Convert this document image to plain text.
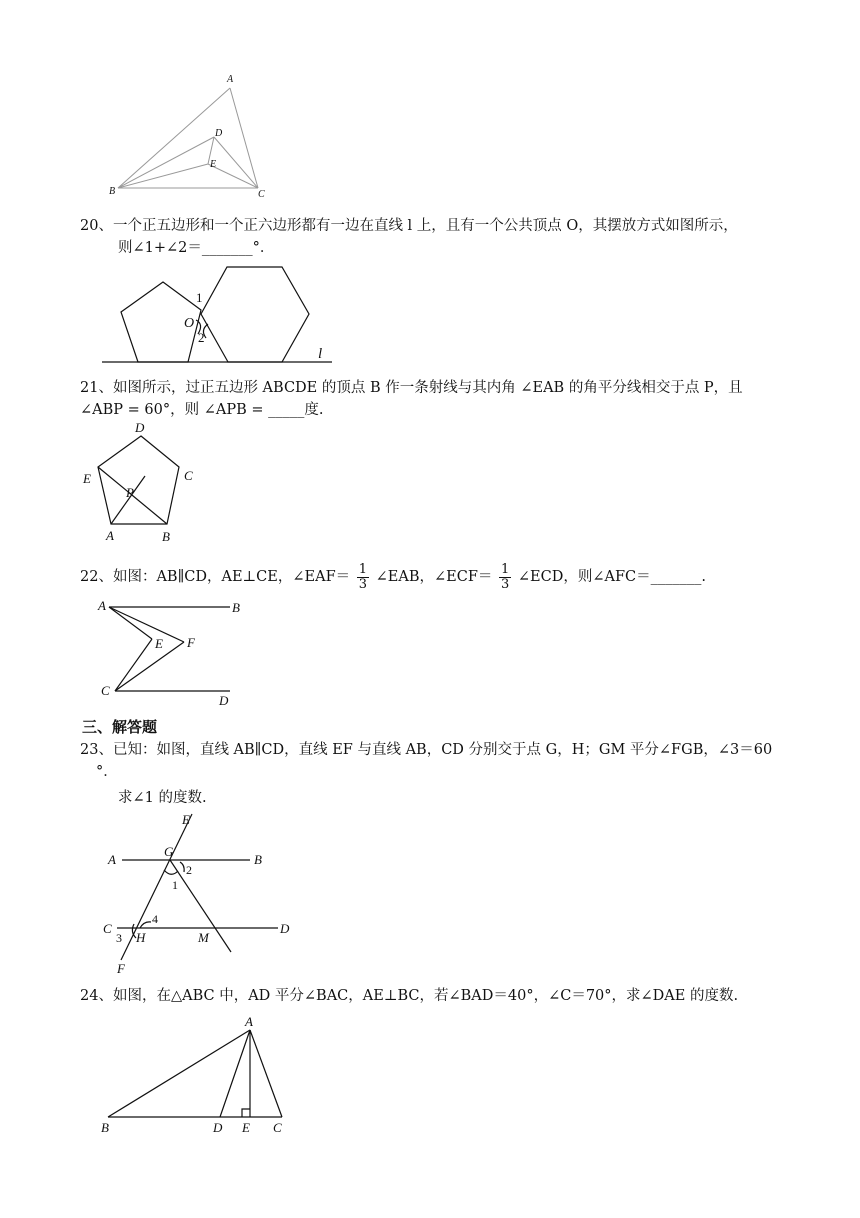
A
D
E
B	C
20、一个正五边形和一个正六边形都有一边在直线 l 上，且有一个公共顶点 O，其摆放方式如图所示，
则∠1+∠2＝_______°．
1
O
2
l
21、如图所示，过正五边形 ABCDE 的顶点 B 作一条射线与其内角 ∠EAB 的角平分线相交于点 P，且
∠ABP = 60°，则 ∠APB = _____度.
D
E	C
P
A	B
22、如图：AB∥CD，AE⊥CE，∠EAF＝ $\frac{1}{3}$ ∠EAB，∠ECF＝ $\frac{1}{3}$ ∠ECD，则∠AFC＝_______.
A	B
E F
C
D
三、解答题
23、已知：如图，直线 AB∥CD，直线 EF 与直线 AB，CD 分别交于点 G，H；GM 平分∠FGB，∠3＝60
°．
求∠1 的度数.
E
A
G
2
1
B
4
C
3 H	M
D
F
24、如图，在△ABC 中，AD 平分∠BAC，AE⊥BC，若∠BAD＝40°，∠C＝70°，求∠DAE 的度数.
A
B	D E C
